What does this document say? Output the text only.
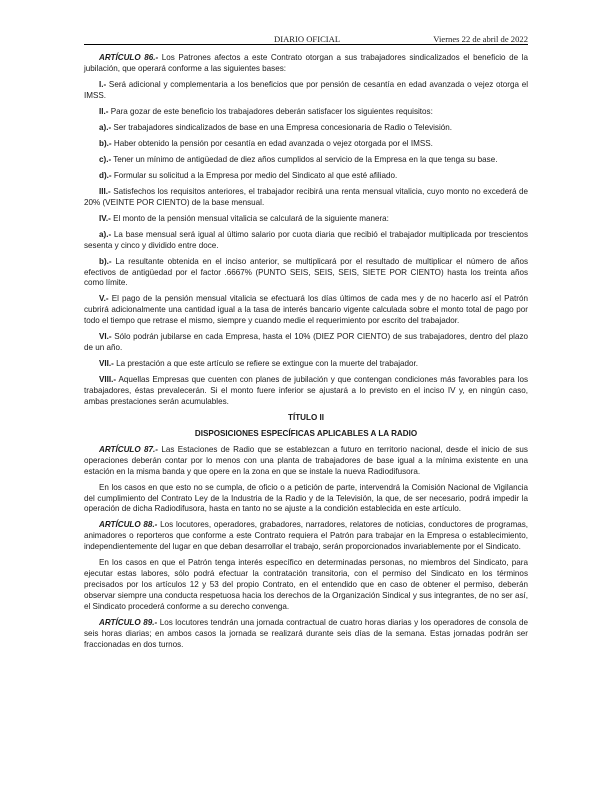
DIARIO OFICIAL	Viernes 22 de abril de 2022

ARTÍCULO 86.- Los Patrones afectos a este Contrato otorgan a sus trabajadores sindicalizados el beneficio de la jubilación, que operará conforme a las siguientes bases:

I.- Será adicional y complementaria a los beneficios que por pensión de cesantía en edad avanzada o vejez otorga el IMSS.

II.- Para gozar de este beneficio los trabajadores deberán satisfacer los siguientes requisitos:

a).- Ser trabajadores sindicalizados de base en una Empresa concesionaria de Radio o Televisión.

b).- Haber obtenido la pensión por cesantía en edad avanzada o vejez otorgada por el IMSS.

c).- Tener un mínimo de antigüedad de diez años cumplidos al servicio de la Empresa en la que tenga su base.

d).- Formular su solicitud a la Empresa por medio del Sindicato al que esté afiliado.

III.- Satisfechos los requisitos anteriores, el trabajador recibirá una renta mensual vitalicia, cuyo monto no excederá de 20% (VEINTE POR CIENTO) de la base mensual.

IV.- El monto de la pensión mensual vitalicia se calculará de la siguiente manera:

a).- La base mensual será igual al último salario por cuota diaria que recibió el trabajador multiplicada por trescientos sesenta y cinco y dividido entre doce.

b).- La resultante obtenida en el inciso anterior, se multiplicará por el resultado de multiplicar el número de años efectivos de antigüedad por el factor .6667% (PUNTO SEIS, SEIS, SEIS, SIETE POR CIENTO) hasta los treinta años como límite.

V.- El pago de la pensión mensual vitalicia se efectuará los días últimos de cada mes y de no hacerlo así el Patrón cubrirá adicionalmente una cantidad igual a la tasa de interés bancario vigente calculada sobre el monto total de pago por todo el tiempo que retrase el mismo, siempre y cuando medie el requerimiento por escrito del trabajador.

VI.- Sólo podrán jubilarse en cada Empresa, hasta el 10% (DIEZ POR CIENTO) de sus trabajadores, dentro del plazo de un año.

VII.- La prestación a que este artículo se refiere se extingue con la muerte del trabajador.

VIII.- Aquellas Empresas que cuenten con planes de jubilación y que contengan condiciones más favorables para los trabajadores, éstas prevalecerán. Si el monto fuere inferior se ajustará a lo previsto en el inciso IV y, en ningún caso, ambas prestaciones serán acumulables.

TÍTULO II

DISPOSICIONES ESPECÍFICAS APLICABLES A LA RADIO

ARTÍCULO 87.- Las Estaciones de Radio que se establezcan a futuro en territorio nacional, desde el inicio de sus operaciones deberán contar por lo menos con una planta de trabajadores de base igual a la mínima existente en una estación en la misma banda y que opere en la zona en que se instale la nueva Radiodifusora.

En los casos en que esto no se cumpla, de oficio o a petición de parte, intervendrá la Comisión Nacional de Vigilancia del cumplimiento del Contrato Ley de la Industria de la Radio y de la Televisión, la que, de ser necesario, podrá impedir la operación de dicha Radiodifusora, hasta en tanto no se ajuste a la condición establecida en este artículo.

ARTÍCULO 88.- Los locutores, operadores, grabadores, narradores, relatores de noticias, conductores de programas, animadores o reporteros que conforme a este Contrato requiera el Patrón para trabajar en la Empresa o establecimiento, independientemente del lugar en que deban desarrollar el trabajo, serán proporcionados invariablemente por el Sindicato.

En los casos en que el Patrón tenga interés específico en determinadas personas, no miembros del Sindicato, para ejecutar estas labores, sólo podrá efectuar la contratación transitoria, con el permiso del Sindicato en los términos precisados por los artículos 12 y 53 del propio Contrato, en el entendido que en caso de obtener el permiso, deberán observar siempre una conducta respetuosa hacia los derechos de la Organización Sindical y sus integrantes, de no ser así, el Sindicato procederá conforme a su derecho convenga.

ARTÍCULO 89.- Los locutores tendrán una jornada contractual de cuatro horas diarias y los operadores de consola de seis horas diarias; en ambos casos la jornada se realizará durante seis días de la semana. Estas jornadas podrán ser fraccionadas en dos turnos.
